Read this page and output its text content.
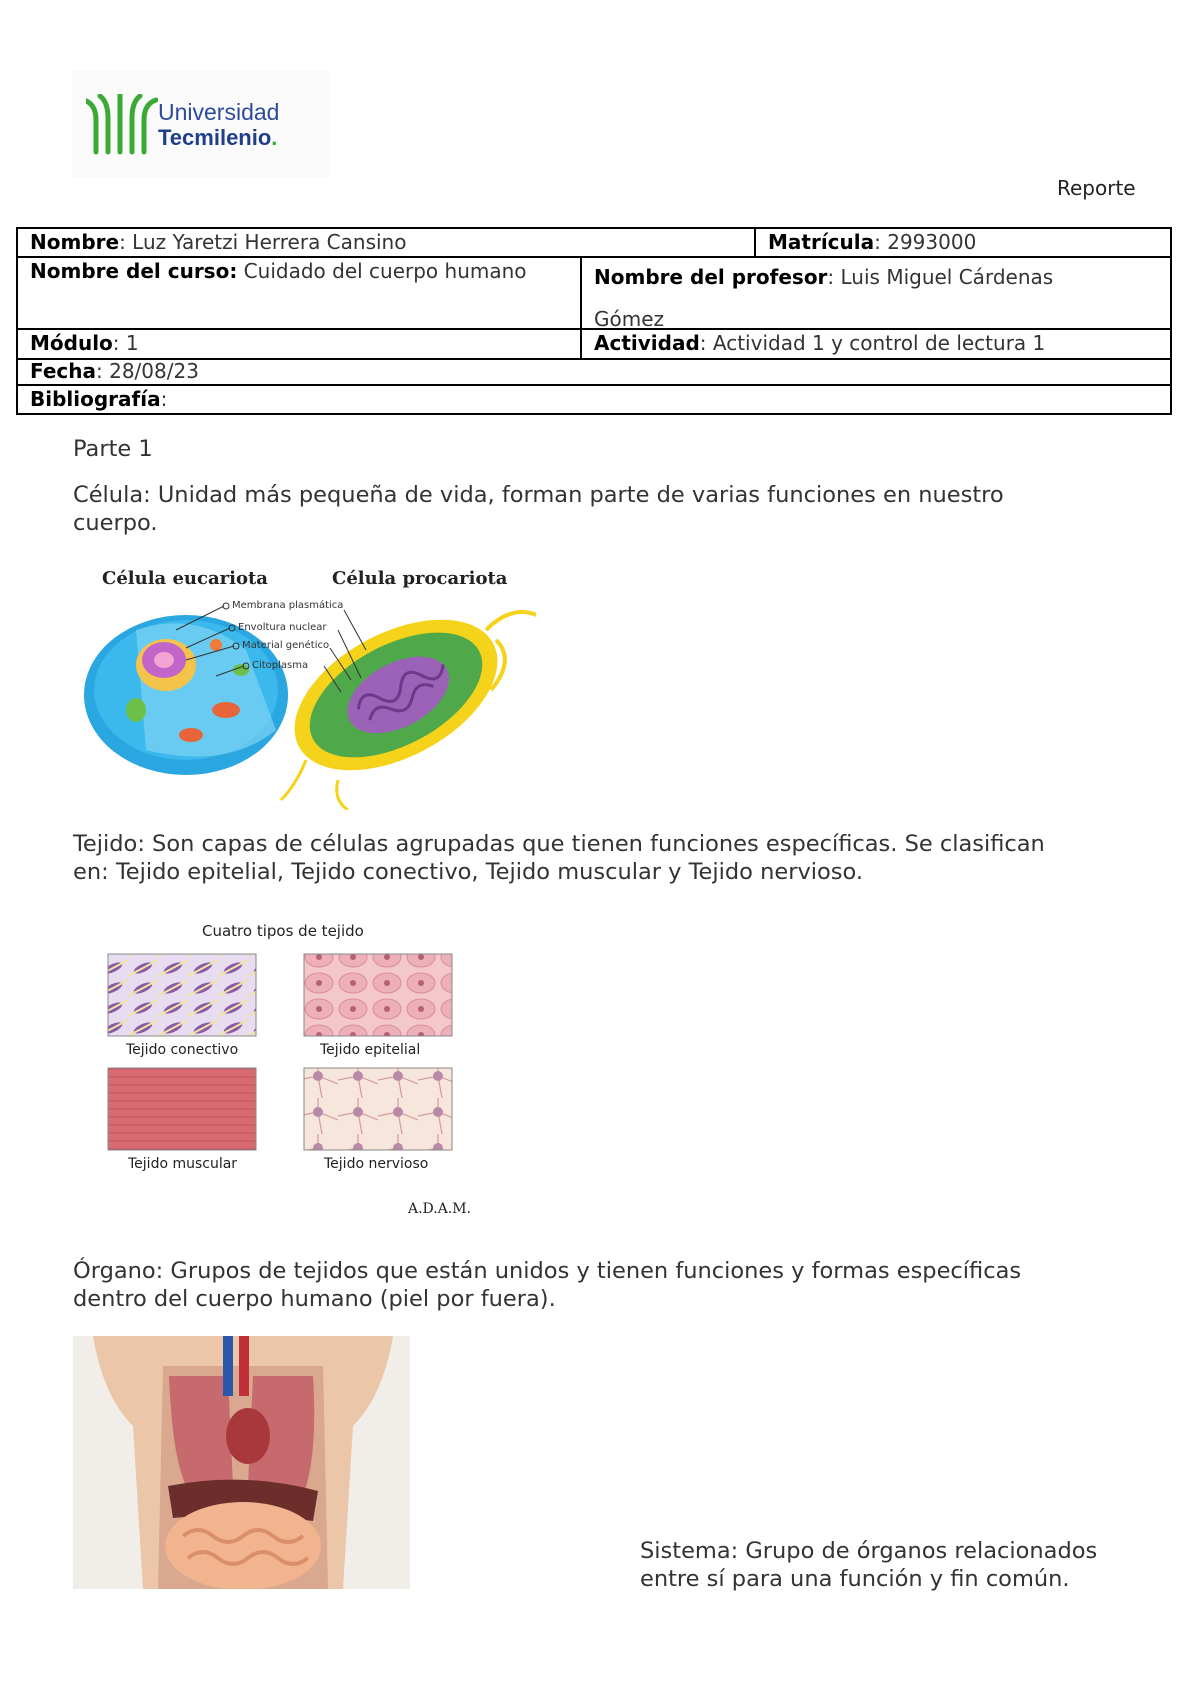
Universidad
Tecmilenio.
Reporte
Nombre: Luz Yaretzi Herrera Cansino	Matrícula: 2993000
Nombre del curso: Cuidado del cuerpo humano	Nombre del profesor: Luis Miguel Cárdenas
Gómez
Módulo: 1	Actividad: Actividad 1 y control de lectura 1
Fecha: 28/08/23
Bibliografía:
Parte 1
Célula: Unidad más pequeña de vida, forman parte de varias funciones en nuestro
cuerpo.
Célula eucariota	Célula procariota
Membrana plasmática
Envoltura nuclear
Material genético
Citoplasma
Tejido: Son capas de células agrupadas que tienen funciones específicas. Se clasifican
en: Tejido epitelial, Tejido conectivo, Tejido muscular y Tejido nervioso.
Cuatro tipos de tejido
Tejido conectivo	Tejido epitelial
Tejido muscular	Tejido nervioso
A.D.A.M.
Órgano: Grupos de tejidos que están unidos y tienen funciones y formas específicas
dentro del cuerpo humano (piel por fuera).
Sistema: Grupo de órganos relacionados
entre sí para una función y fin común.
